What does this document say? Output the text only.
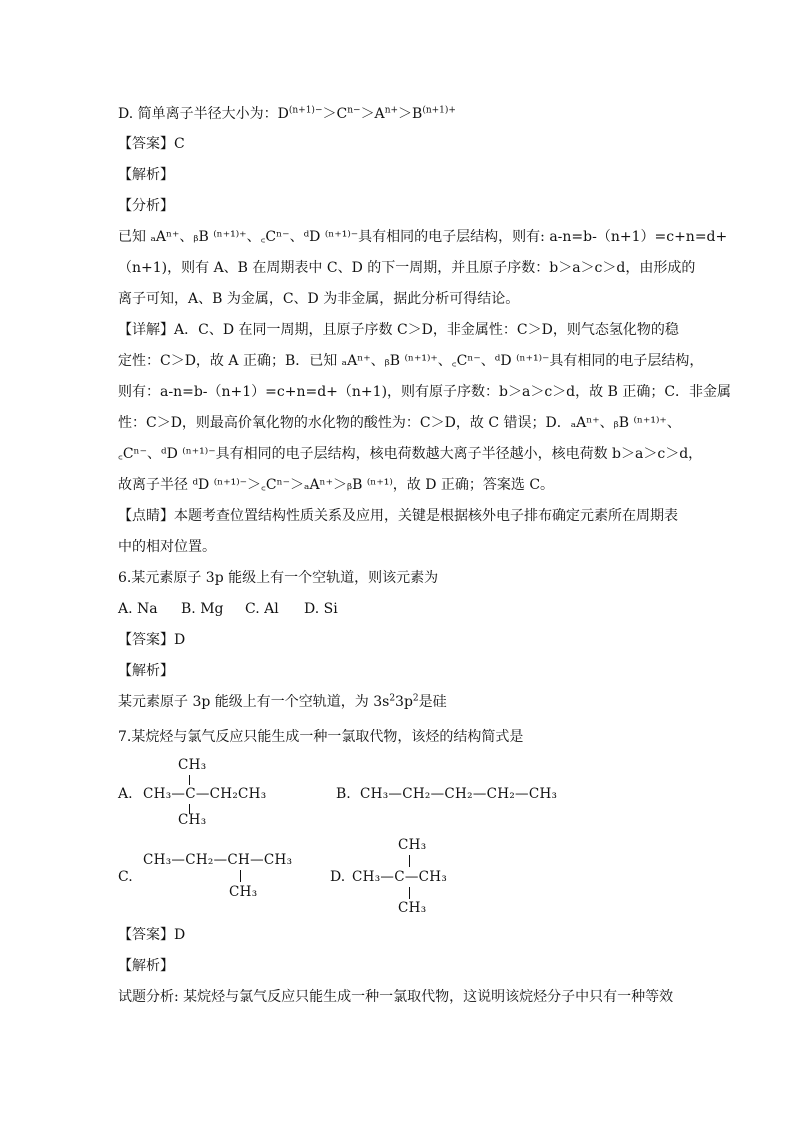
D. 简单离子半径大小为：$D^{(n+1)-}>C^{n-}>A^{n+}>B^{(n+1)+}$
【答案】C
【解析】
【分析】
已知 ₐAⁿ⁺、ᵦB ⁽ⁿ⁺¹⁾⁺、꜀Cⁿ⁻、ᵈD ⁽ⁿ⁺¹⁾⁻具有相同的电子层结构，则有: a-n=b-（n+1）=c+n=d+
（n+1)，则有 A、B 在周期表中 C、D 的下一周期，并且原子序数：b＞a＞c＞d，由形成的
离子可知，A、B 为金属，C、D 为非金属，据此分析可得结论。
【详解】A．C、D 在同一周期，且原子序数 C＞D，非金属性：C＞D，则气态氢化物的稳
定性：C＞D，故 A 正确；B．已知 ₐAⁿ⁺、ᵦB ⁽ⁿ⁺¹⁾⁺、꜀Cⁿ⁻、ᵈD ⁽ⁿ⁺¹⁾⁻具有相同的电子层结构，
则有：a-n=b-（n+1）=c+n=d+（n+1)，则有原子序数：b＞a＞c＞d，故 B 正确；C．非金属
性：C＞D，则最高价氧化物的水化物的酸性为：C＞D，故 C 错误；D．ₐAⁿ⁺、ᵦB ⁽ⁿ⁺¹⁾⁺、
꜀Cⁿ⁻、ᵈD ⁽ⁿ⁺¹⁾⁻具有相同的电子层结构，核电荷数越大离子半径越小，核电荷数 b＞a＞c＞d，
故离子半径 ᵈD ⁽ⁿ⁺¹⁾⁻＞꜀Cⁿ⁻＞ₐAⁿ⁺＞ᵦB ⁽ⁿ⁺¹⁾，故 D 正确；答案选 C。
【点睛】本题考查位置结构性质关系及应用，关键是根据核外电子排布确定元素所在周期表
中的相对位置。
6.某元素原子 3p 能级上有一个空轨道，则该元素为
A. Na B. Mg C. Al D. Si
【答案】D
【解析】
某元素原子 3p 能级上有一个空轨道，为 $3s^23p^2$是硅
7.某烷烃与氯气反应只能生成一种一氯取代物，该烃的结构简式是
A.
CH₃
CH₃—C—CH₂CH₃
CH₃
B. CH₃—CH₂—CH₂—CH₂—CH₃
C.
CH₃—CH₂—CH—CH₃
CH₃
D.
CH₃
CH₃—C—CH₃
CH₃
【答案】D
【解析】
试题分析: 某烷烃与氯气反应只能生成一种一氯取代物，这说明该烷烃分子中只有一种等效
